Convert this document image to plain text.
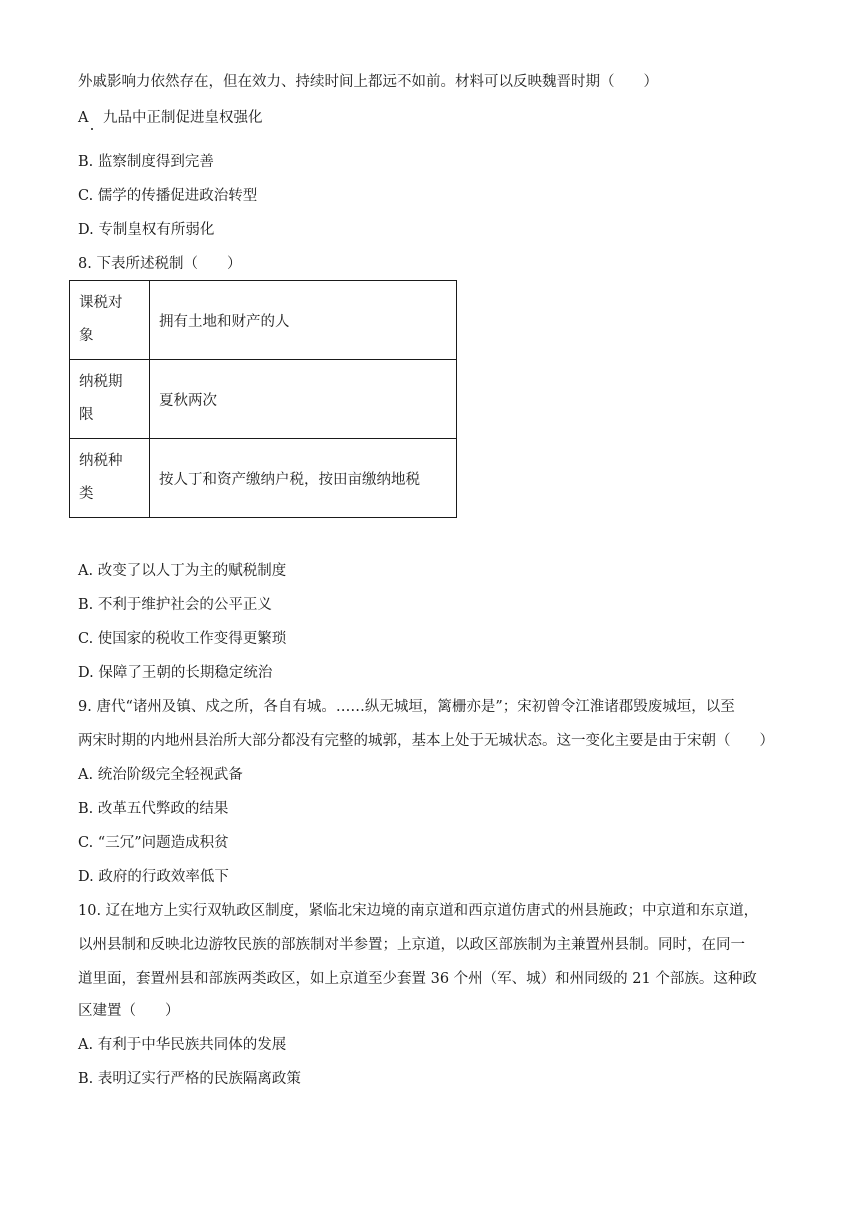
外戚影响力依然存在，但在效力、持续时间上都远不如前。材料可以反映魏晋时期（　　）
A　九品中正制促进皇权强化
B. 监察制度得到完善
C. 儒学的传播促进政治转型
D. 专制皇权有所弱化
8. 下表所述税制（　　）
课税对象	拥有土地和财产的人

纳税期限	夏秋两次

纳税种类	按人丁和资产缴纳户税，按田亩缴纳地税
A. 改变了以人丁为主的赋税制度
B. 不利于维护社会的公平正义
C. 使国家的税收工作变得更繁琐
D. 保障了王朝的长期稳定统治
9. 唐代“诸州及镇、戍之所，各自有城。……纵无城垣，篱栅亦是”；宋初曾令江淮诸郡毁废城垣，以至
两宋时期的内地州县治所大部分都没有完整的城郭，基本上处于无城状态。这一变化主要是由于宋朝（　　）
A. 统治阶级完全轻视武备
B. 改革五代弊政的结果
C. “三冗”问题造成积贫
D. 政府的行政效率低下
10. 辽在地方上实行双轨政区制度，紧临北宋边境的南京道和西京道仿唐式的州县施政；中京道和东京道，
以州县制和反映北边游牧民族的部族制对半参置；上京道，以政区部族制为主兼置州县制。同时，在同一
道里面，套置州县和部族两类政区，如上京道至少套置 36 个州（军、城）和州同级的 21 个部族。这种政
区建置（　　）
A. 有利于中华民族共同体的发展
B. 表明辽实行严格的民族隔离政策
